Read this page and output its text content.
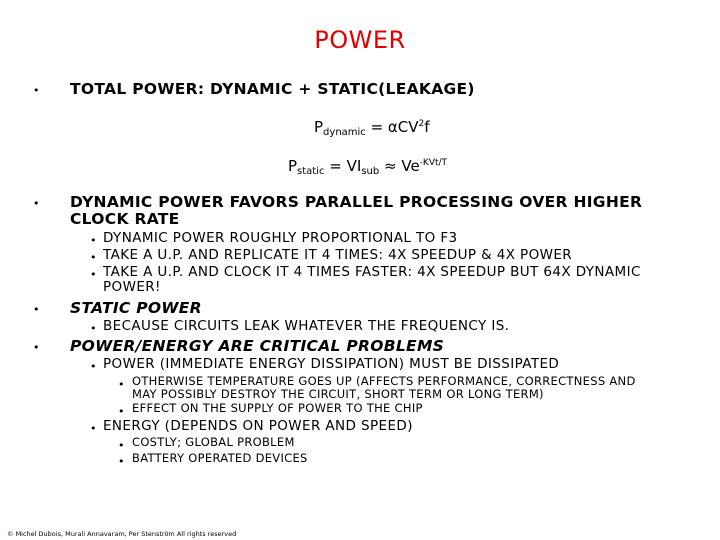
POWER
• TOTAL POWER: DYNAMIC + STATIC(LEAKAGE)
$P_{dynamic} = \alpha CV^2f$
$P_{static} = VI_{sub} \approx Ve^{-KVt/T}$
• DYNAMIC POWER FAVORS PARALLEL PROCESSING OVER HIGHER
CLOCK RATE
• DYNAMIC POWER ROUGHLY PROPORTIONAL TO F3
• TAKE A U.P. AND REPLICATE IT 4 TIMES: 4X SPEEDUP & 4X POWER
• TAKE A U.P. AND CLOCK IT 4 TIMES FASTER: 4X SPEEDUP BUT 64X DYNAMIC
POWER!
• STATIC POWER
• BECAUSE CIRCUITS LEAK WHATEVER THE FREQUENCY IS.
• POWER/ENERGY ARE CRITICAL PROBLEMS
• POWER (IMMEDIATE ENERGY DISSIPATION) MUST BE DISSIPATED
• OTHERWISE TEMPERATURE GOES UP (AFFECTS PERFORMANCE, CORRECTNESS AND
MAY POSSIBLY DESTROY THE CIRCUIT, SHORT TERM OR LONG TERM)
• EFFECT ON THE SUPPLY OF POWER TO THE CHIP
• ENERGY (DEPENDS ON POWER AND SPEED)
• COSTLY; GLOBAL PROBLEM
• BATTERY OPERATED DEVICES
© Michel Dubois, Murali Annavaram, Per Stenström All rights reserved
